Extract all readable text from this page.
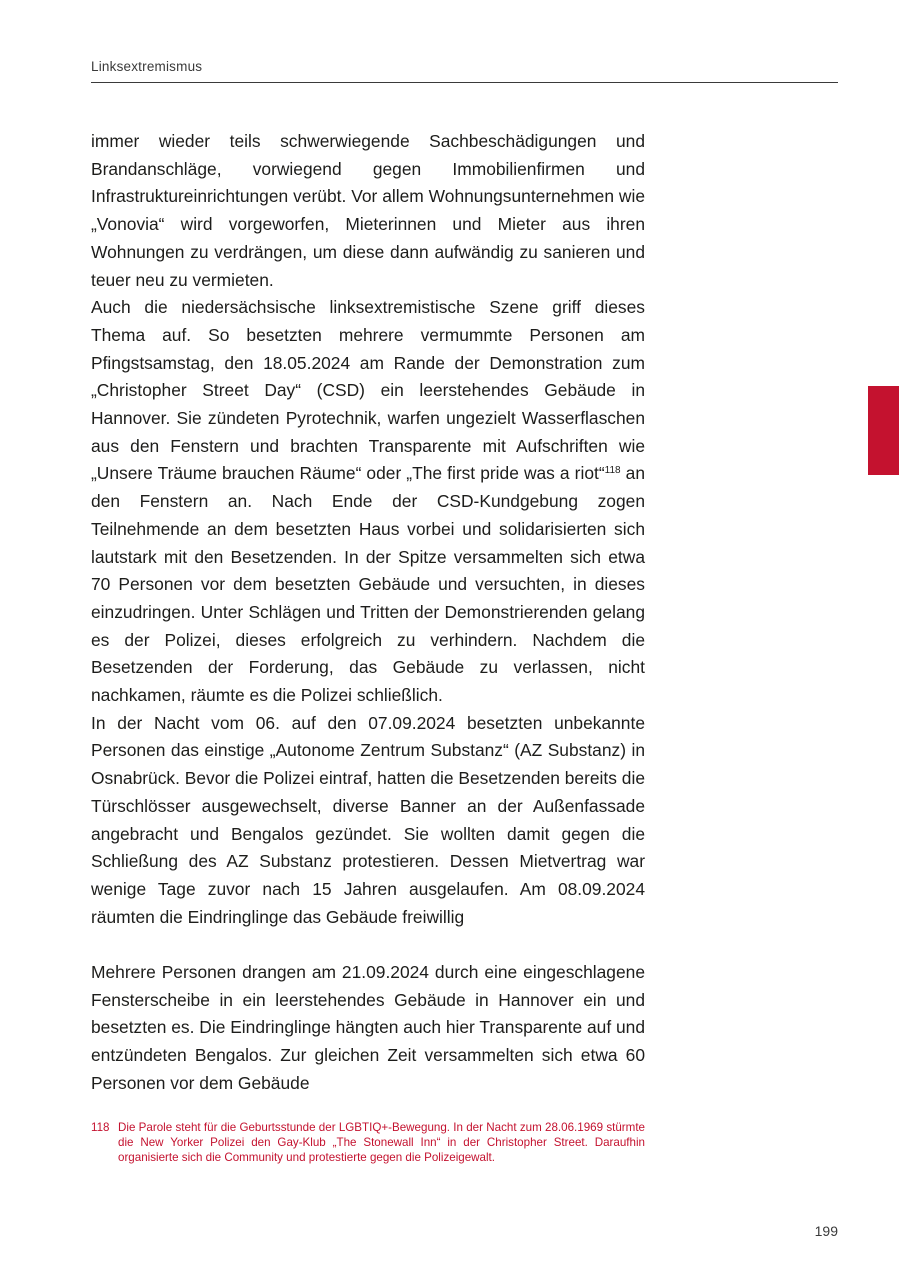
Linksextremismus

immer wieder teils schwerwiegende Sachbeschädigungen und Brandanschläge, vorwiegend gegen Immobilienfirmen und Infrastruktureinrichtungen verübt. Vor allem Wohnungsunternehmen wie „Vonovia“ wird vorgeworfen, Mieterinnen und Mieter aus ihren Wohnungen zu verdrängen, um diese dann aufwändig zu sanieren und teuer neu zu vermieten.

Auch die niedersächsische linksextremistische Szene griff dieses Thema auf. So besetzten mehrere vermummte Personen am Pfingstsamstag, den 18.05.2024 am Rande der Demonstration zum „Christopher Street Day“ (CSD) ein leerstehendes Gebäude in Hannover. Sie zündeten Pyrotechnik, warfen ungezielt Wasserflaschen aus den Fenstern und brachten Transparente mit Aufschriften wie „Unsere Träume brauchen Räume“ oder „The first pride was a riot“$^{118}$ an den Fenstern an. Nach Ende der CSD-Kundgebung zogen Teilnehmende an dem besetzten Haus vorbei und solidarisierten sich lautstark mit den Besetzenden. In der Spitze versammelten sich etwa 70 Personen vor dem besetzten Gebäude und versuchten, in dieses einzudringen. Unter Schlägen und Tritten der Demonstrierenden gelang es der Polizei, dieses erfolgreich zu verhindern. Nachdem die Besetzenden der Forderung, das Gebäude zu verlassen, nicht nachkamen, räumte es die Polizei schließlich.

In der Nacht vom 06. auf den 07.09.2024 besetzten unbekannte Personen das einstige „Autonome Zentrum Substanz“ (AZ Substanz) in Osnabrück. Bevor die Polizei eintraf, hatten die Besetzenden bereits die Türschlösser ausgewechselt, diverse Banner an der Außenfassade angebracht und Bengalos gezündet. Sie wollten damit gegen die Schließung des AZ Substanz protestieren. Dessen Mietvertrag war wenige Tage zuvor nach 15 Jahren ausgelaufen. Am 08.09.2024 räumten die Eindringlinge das Gebäude freiwillig

Mehrere Personen drangen am 21.09.2024 durch eine eingeschlagene Fensterscheibe in ein leerstehendes Gebäude in Hannover ein und besetzten es. Die Eindringlinge hängten auch hier Transparente auf und entzündeten Bengalos. Zur gleichen Zeit versammelten sich etwa 60 Personen vor dem Gebäude

118 Die Parole steht für die Geburtsstunde der LGBTIQ+-Bewegung. In der Nacht zum 28.06.1969 stürmte die New Yorker Polizei den Gay-Klub „The Stonewall Inn“ in der Christopher Street. Daraufhin organisierte sich die Community und protestierte gegen die Polizeigewalt.
199
